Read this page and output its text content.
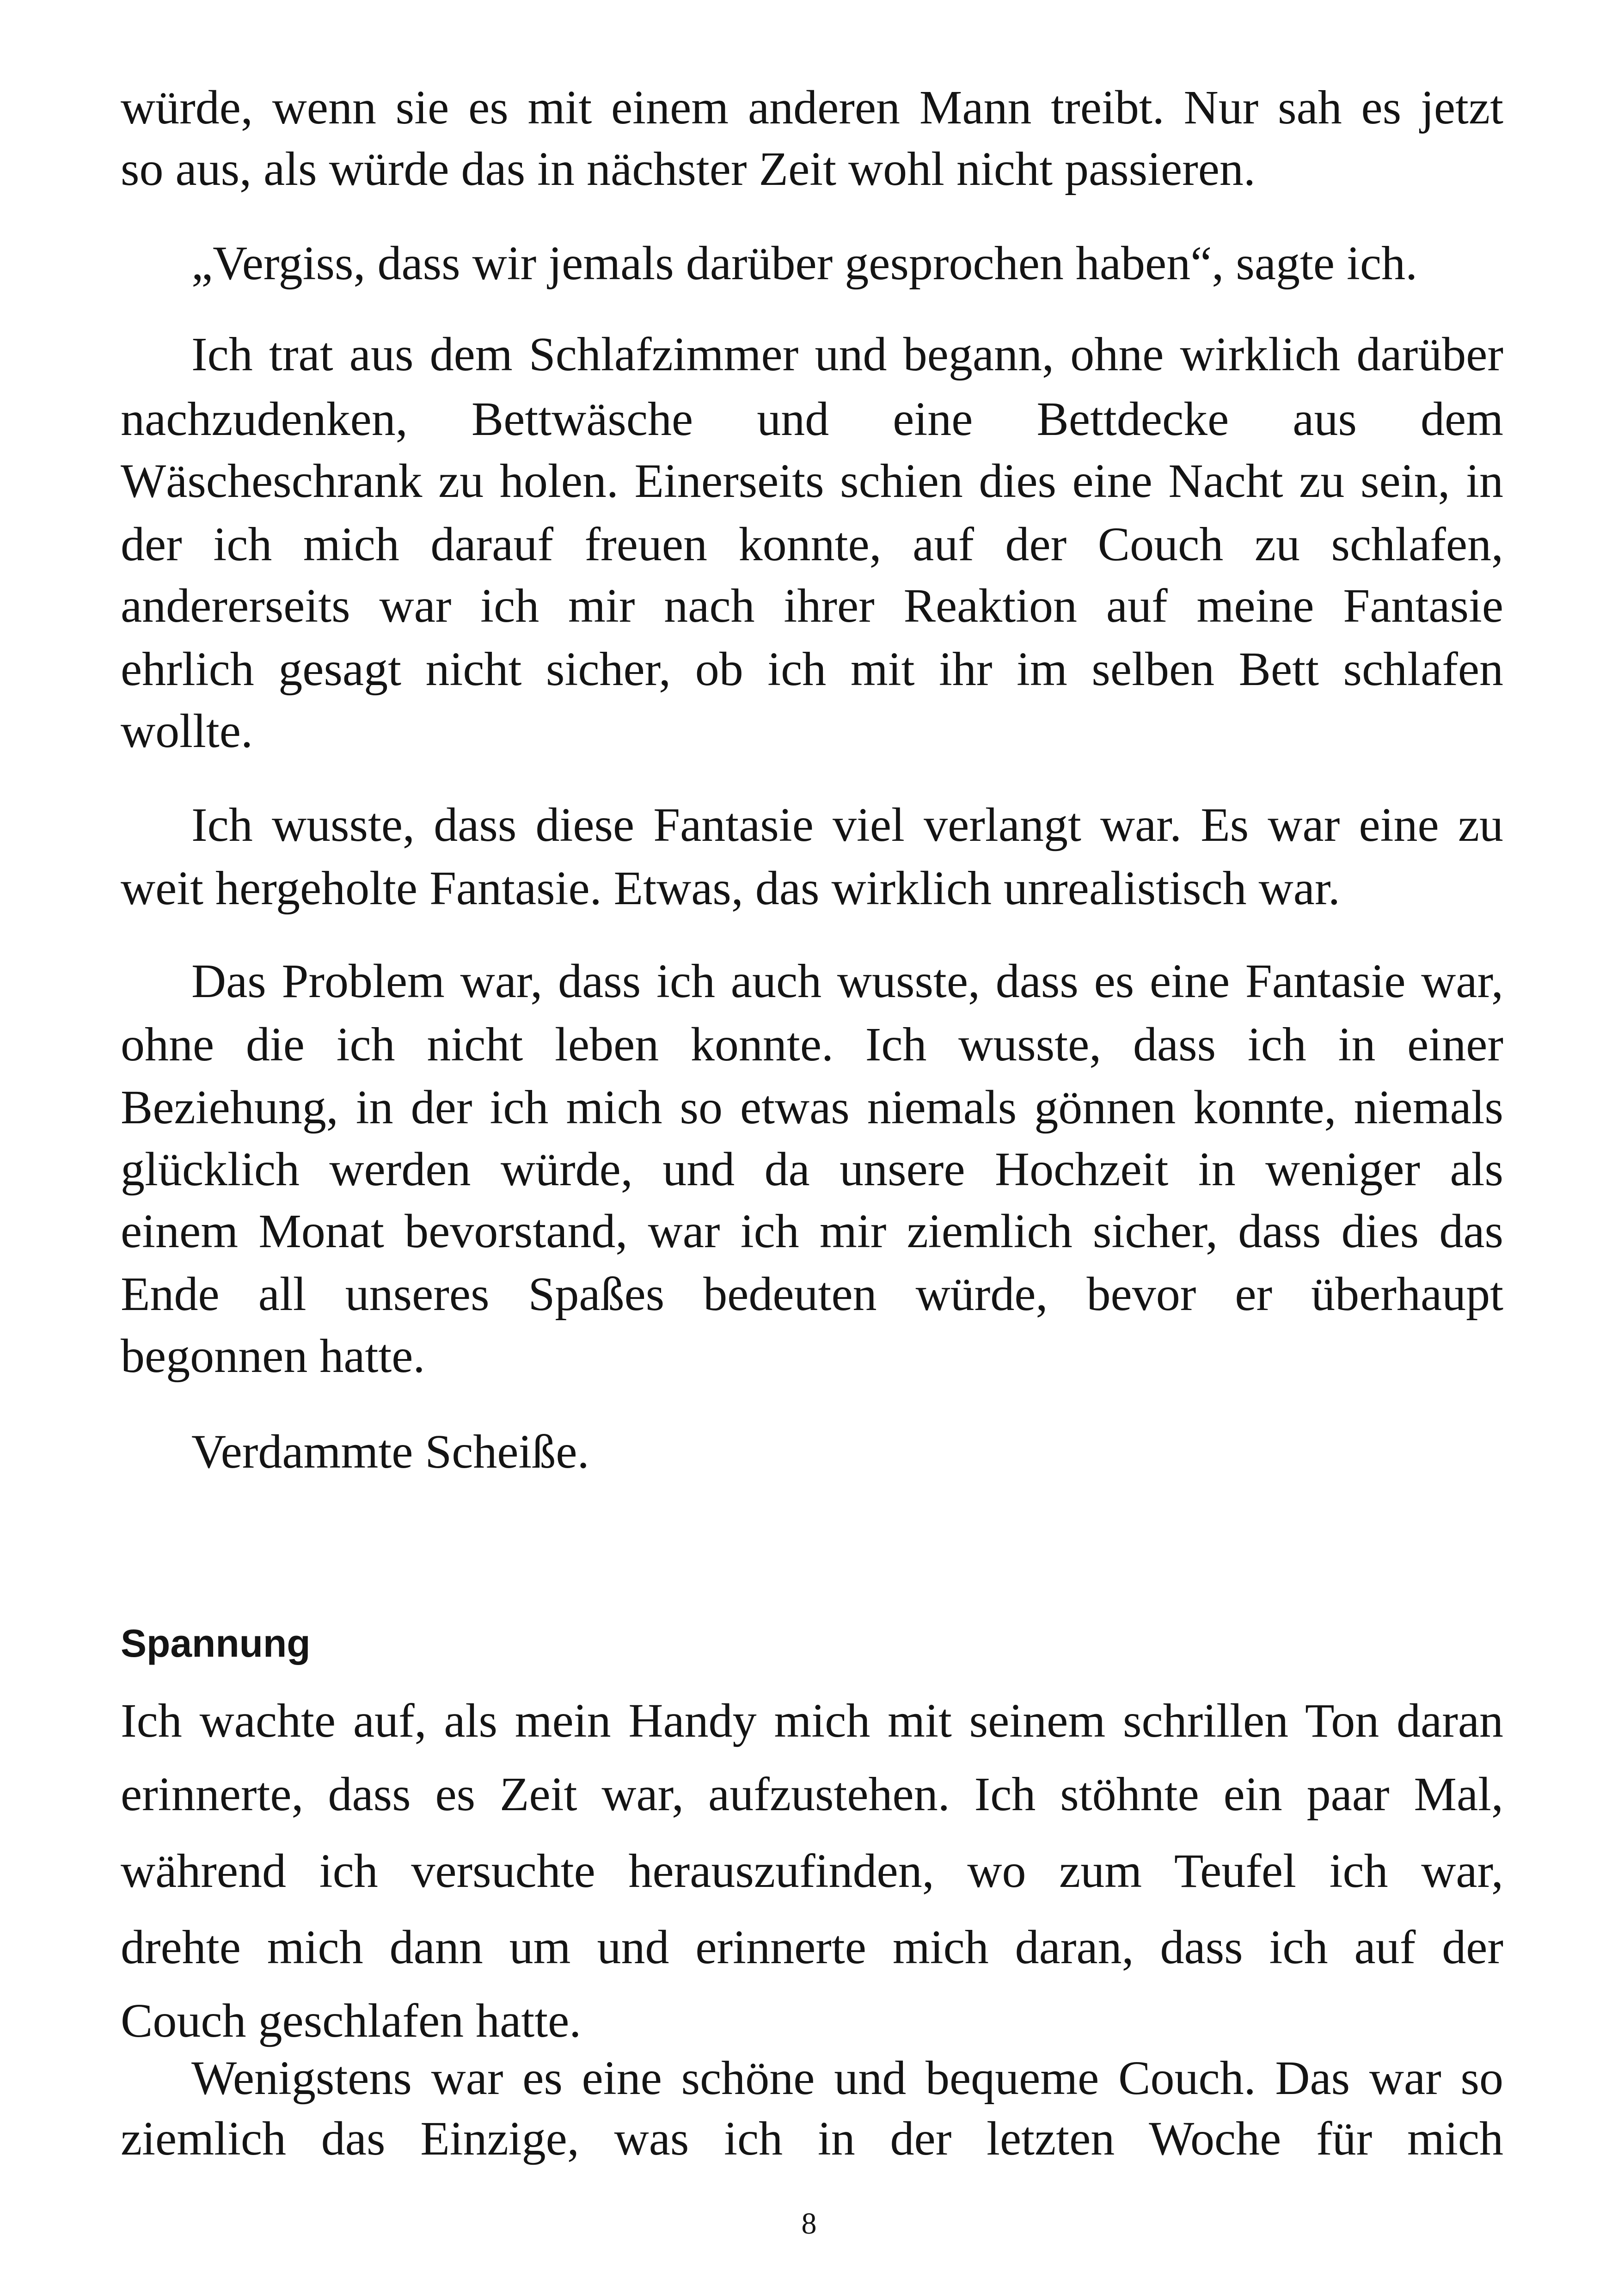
würde, wenn sie es mit einem anderen Mann treibt. Nur sah es jetzt
so aus, als würde das in nächster Zeit wohl nicht passieren.
„Vergiss, dass wir jemals darüber gesprochen haben“, sagte ich.
Ich trat aus dem Schlafzimmer und begann, ohne wirklich darüber
nachzudenken, Bettwäsche und eine Bettdecke aus dem
Wäscheschrank zu holen. Einerseits schien dies eine Nacht zu sein, in
der ich mich darauf freuen konnte, auf der Couch zu schlafen,
andererseits war ich mir nach ihrer Reaktion auf meine Fantasie
ehrlich gesagt nicht sicher, ob ich mit ihr im selben Bett schlafen
wollte.
Ich wusste, dass diese Fantasie viel verlangt war. Es war eine zu
weit hergeholte Fantasie. Etwas, das wirklich unrealistisch war.
Das Problem war, dass ich auch wusste, dass es eine Fantasie war,
ohne die ich nicht leben konnte. Ich wusste, dass ich in einer
Beziehung, in der ich mich so etwas niemals gönnen konnte, niemals
glücklich werden würde, und da unsere Hochzeit in weniger als
einem Monat bevorstand, war ich mir ziemlich sicher, dass dies das
Ende all unseres Spaßes bedeuten würde, bevor er überhaupt
begonnen hatte.
Verdammte Scheiße.
Spannung
Ich wachte auf, als mein Handy mich mit seinem schrillen Ton daran
erinnerte, dass es Zeit war, aufzustehen. Ich stöhnte ein paar Mal,
während ich versuchte herauszufinden, wo zum Teufel ich war,
drehte mich dann um und erinnerte mich daran, dass ich auf der
Couch geschlafen hatte.
Wenigstens war es eine schöne und bequeme Couch. Das war so
ziemlich das Einzige, was ich in der letzten Woche für mich
8
